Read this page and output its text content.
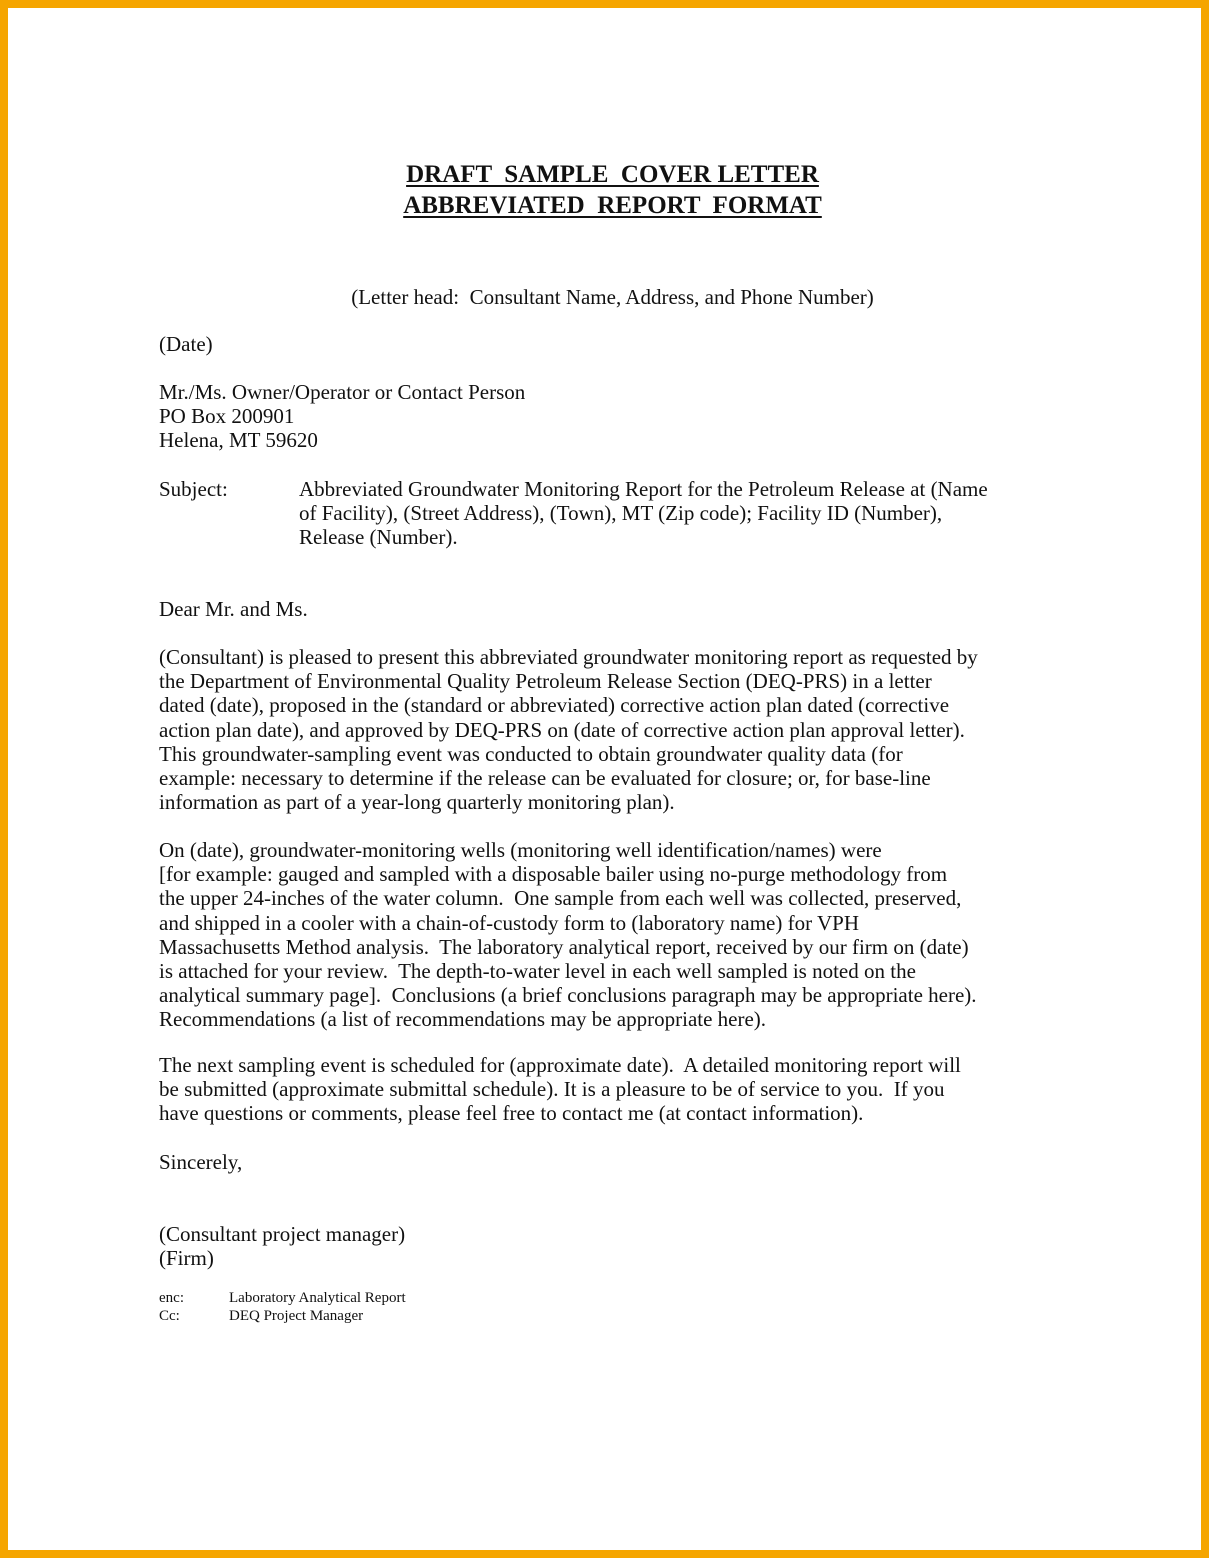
DRAFT  SAMPLE  COVER LETTER
ABBREVIATED  REPORT  FORMAT
(Letter head:  Consultant Name, Address, and Phone Number)
(Date)
Mr./Ms. Owner/Operator or Contact Person
PO Box 200901
Helena, MT 59620
Subject:	Abbreviated Groundwater Monitoring Report for the Petroleum Release at (Name
of Facility), (Street Address), (Town), MT (Zip code); Facility ID (Number),
Release (Number).
Dear Mr. and Ms.
(Consultant) is pleased to present this abbreviated groundwater monitoring report as requested by
the Department of Environmental Quality Petroleum Release Section (DEQ-PRS) in a letter
dated (date), proposed in the (standard or abbreviated) corrective action plan dated (corrective
action plan date), and approved by DEQ-PRS on (date of corrective action plan approval letter).
This groundwater-sampling event was conducted to obtain groundwater quality data (for
example: necessary to determine if the release can be evaluated for closure; or, for base-line
information as part of a year-long quarterly monitoring plan).
On (date), groundwater-monitoring wells (monitoring well identification/names) were
[for example: gauged and sampled with a disposable bailer using no-purge methodology from
the upper 24-inches of the water column.  One sample from each well was collected, preserved,
and shipped in a cooler with a chain-of-custody form to (laboratory name) for VPH
Massachusetts Method analysis.  The laboratory analytical report, received by our firm on (date)
is attached for your review.  The depth-to-water level in each well sampled is noted on the
analytical summary page].  Conclusions (a brief conclusions paragraph may be appropriate here).
Recommendations (a list of recommendations may be appropriate here).
The next sampling event is scheduled for (approximate date).  A detailed monitoring report will
be submitted (approximate submittal schedule). It is a pleasure to be of service to you.  If you
have questions or comments, please feel free to contact me (at contact information).
Sincerely,
(Consultant project manager)
(Firm)
enc:	Laboratory Analytical Report
Cc:	DEQ Project Manager
